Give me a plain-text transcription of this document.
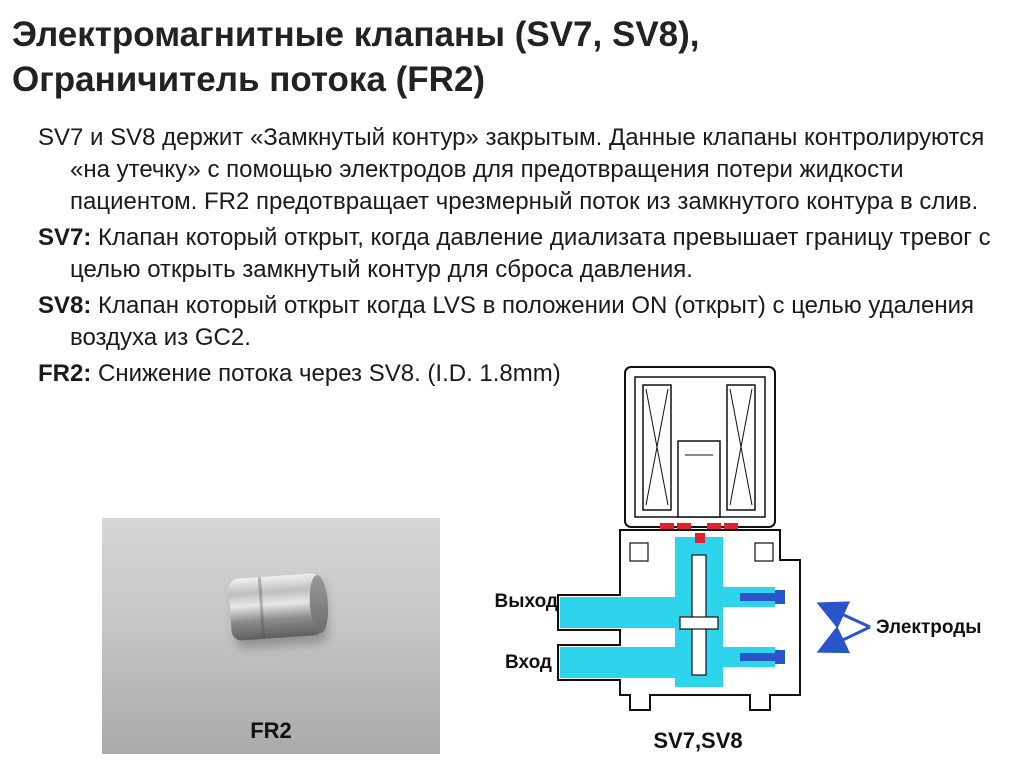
Электромагнитные клапаны (SV7, SV8),
Ограничитель потока (FR2)
SV7 и SV8 держит «Замкнутый контур» закрытым. Данные клапаны контролируются «на утечку» с помощью электродов для предотвращения потери жидкости пациентом. FR2 предотвращает чрезмерный поток из замкнутого контура в слив.
SV7: Клапан который открыт, когда давление диализата превышает границу тревог с целью открыть замкнутый контур для сброса давления.
SV8: Клапан который открыт когда LVS в положении ON (открыт) с целью удаления воздуха из GC2.
FR2: Снижение потока через SV8. (I.D. 1.8mm)
FR2
Выход
Вход
Электроды
SV7,SV8
